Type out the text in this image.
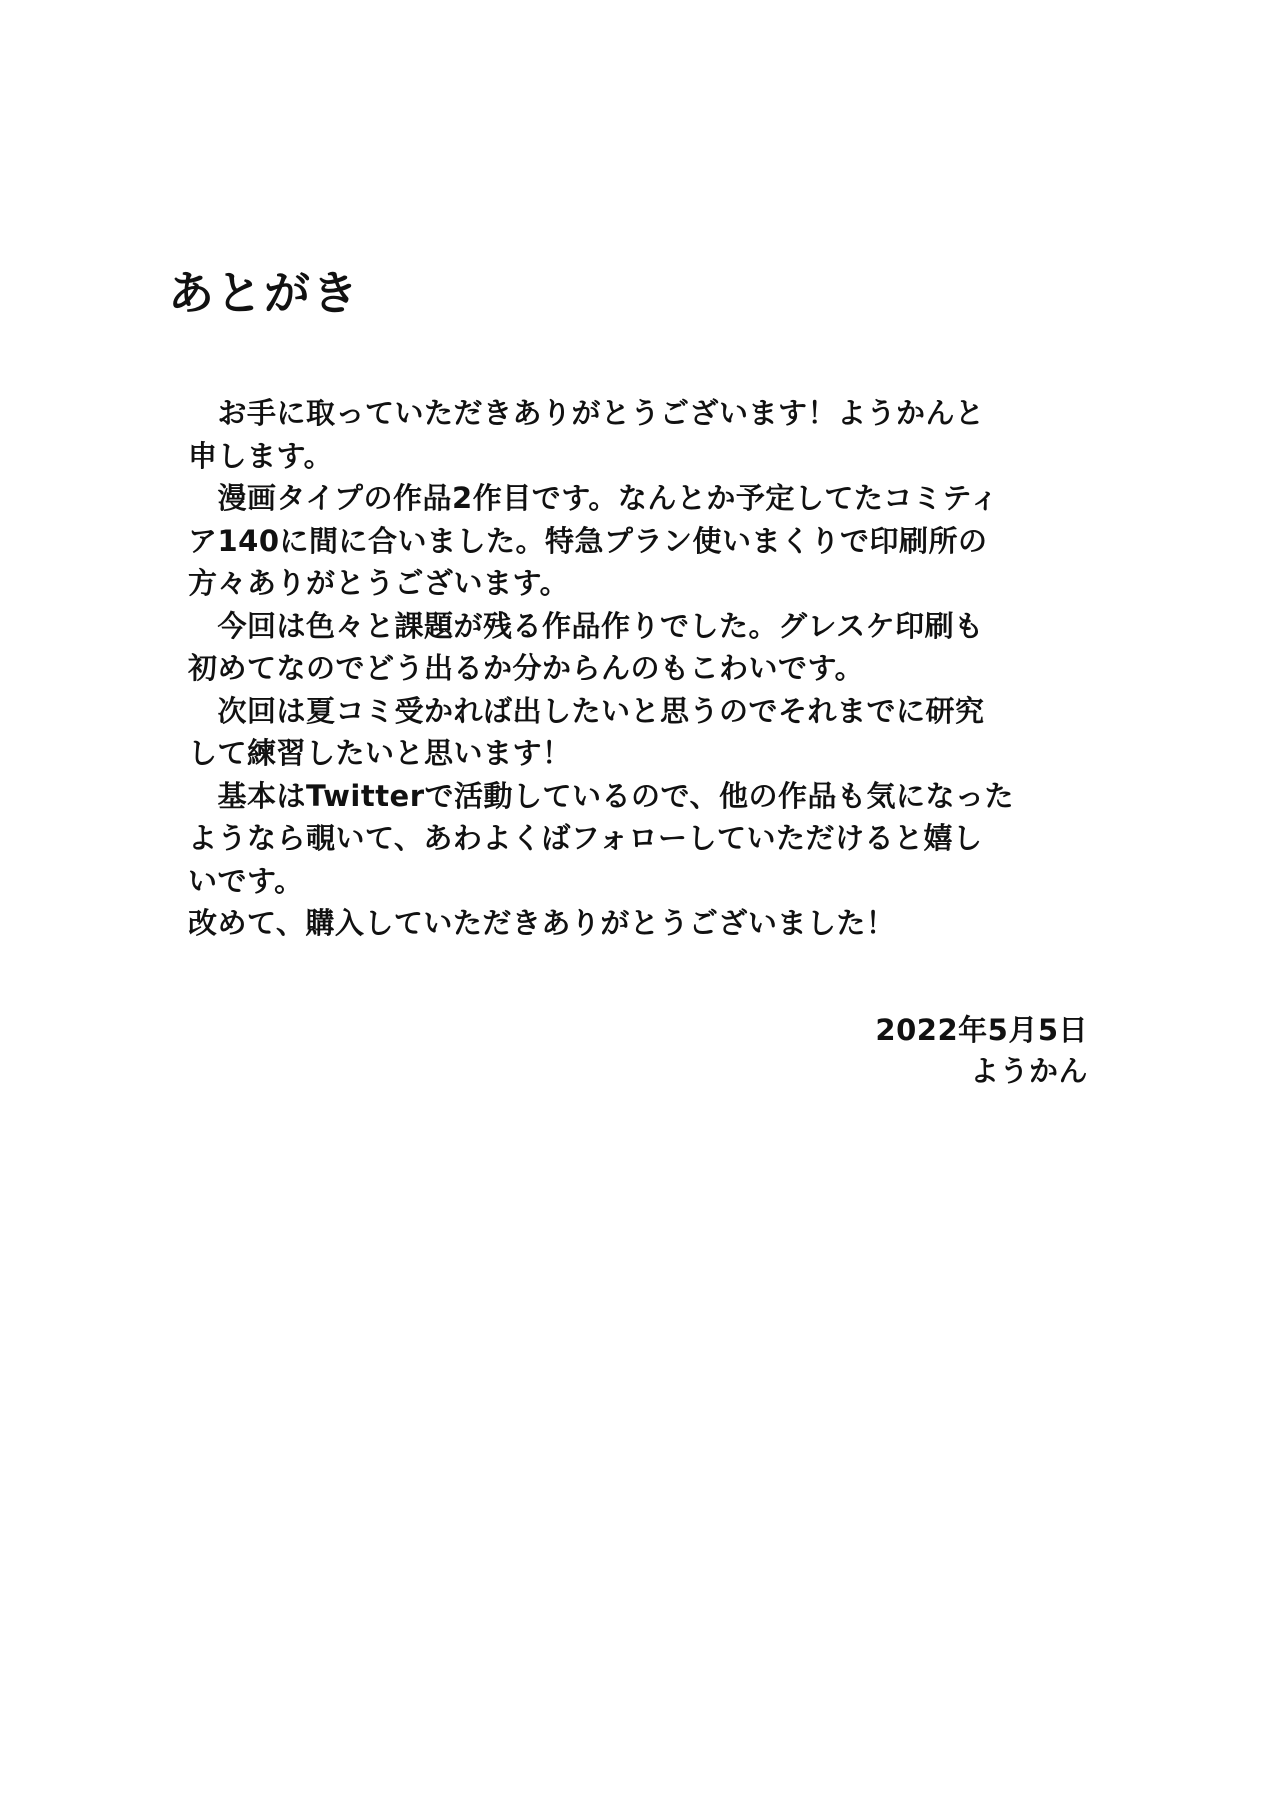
あとがき
　お手に取っていただきありがとうございます！ようかんと
申します。
　漫画タイプの作品2作目です。なんとか予定してたコミティ
ア140に間に合いました。特急プラン使いまくりで印刷所の
方々ありがとうございます。
　今回は色々と課題が残る作品作りでした。グレスケ印刷も
初めてなのでどう出るか分からんのもこわいです。
　次回は夏コミ受かれば出したいと思うのでそれまでに研究
して練習したいと思います！
　基本はTwitterで活動しているので、他の作品も気になった
ようなら覗いて、あわよくばフォローしていただけると嬉し
いです。
改めて、購入していただきありがとうございました！
2022年5月5日
ようかん
